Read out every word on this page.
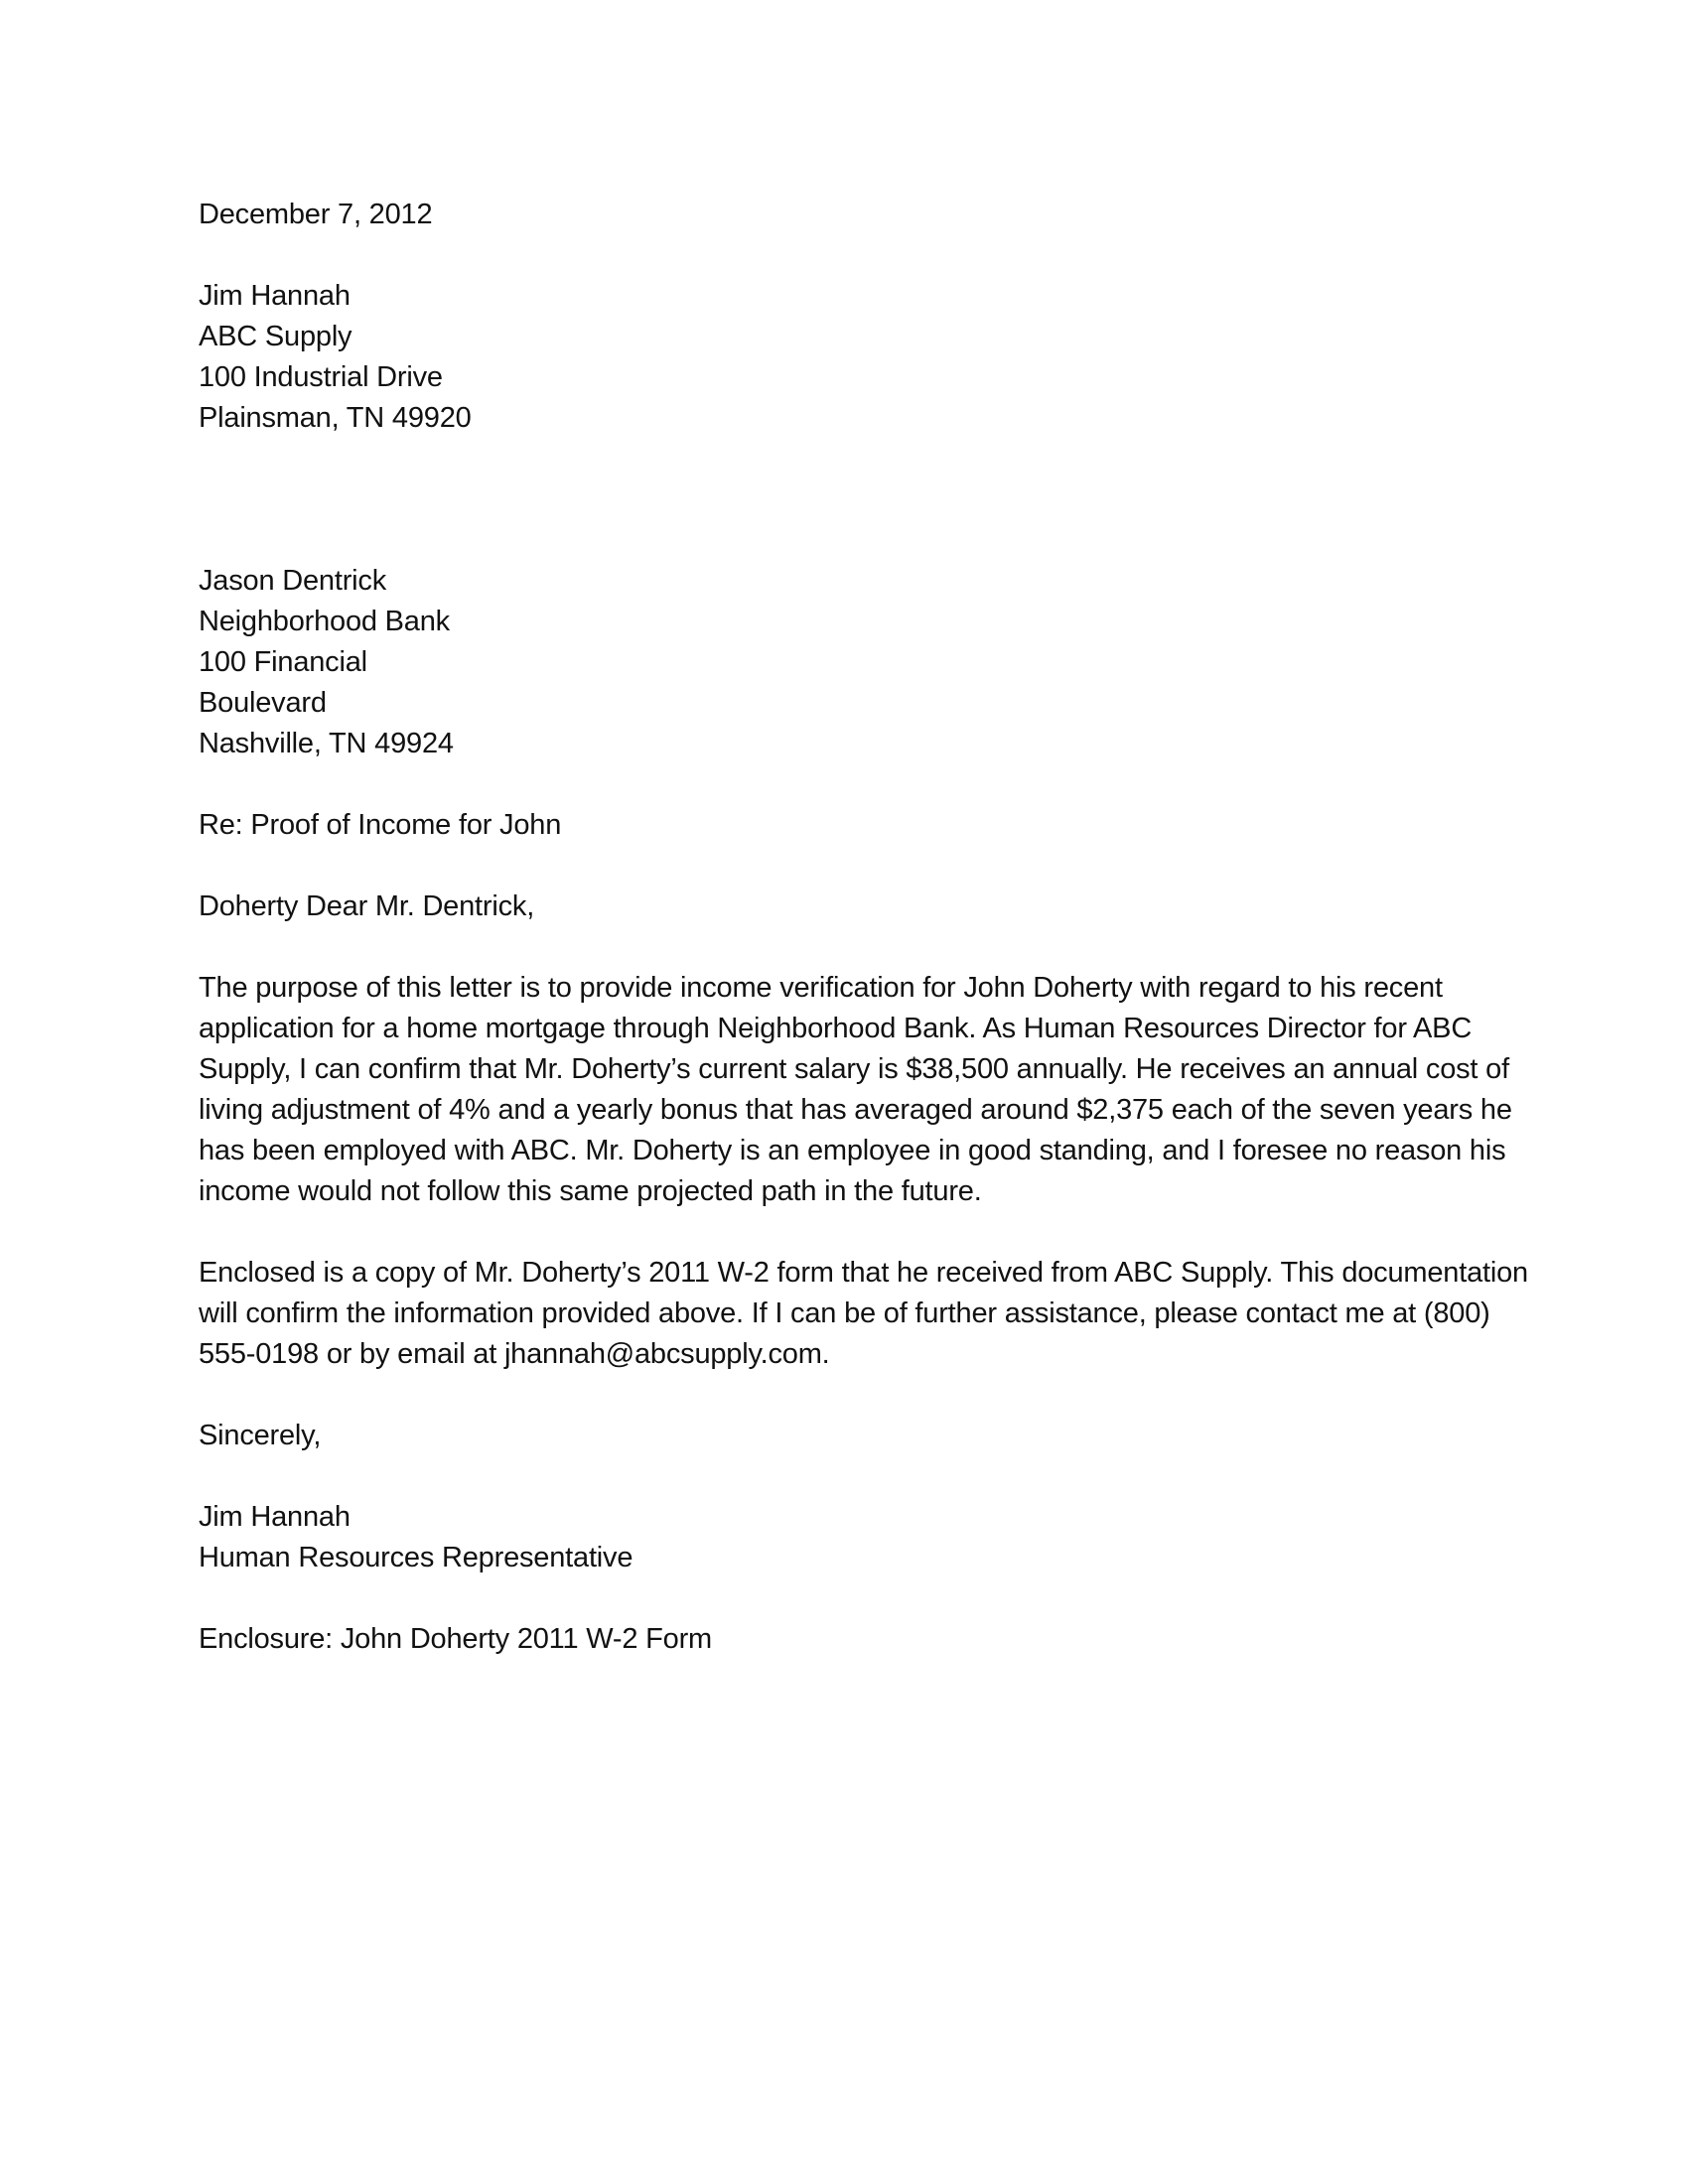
December 7, 2012
Jim Hannah
ABC Supply
100 Industrial Drive
Plainsman, TN 49920
Jason Dentrick
Neighborhood Bank
100 Financial
Boulevard
Nashville, TN 49924
Re: Proof of Income for John
Doherty Dear Mr. Dentrick,
The purpose of this letter is to provide income verification for John Doherty with regard to his recent
application for a home mortgage through Neighborhood Bank. As Human Resources Director for ABC
Supply, I can confirm that Mr. Doherty’s current salary is $38,500 annually. He receives an annual cost of
living adjustment of 4% and a yearly bonus that has averaged around $2,375 each of the seven years he
has been employed with ABC. Mr. Doherty is an employee in good standing, and I foresee no reason his
income would not follow this same projected path in the future.
Enclosed is a copy of Mr. Doherty’s 2011 W-2 form that he received from ABC Supply. This documentation
will confirm the information provided above. If I can be of further assistance, please contact me at (800)
555-0198 or by email at jhannah@abcsupply.com.
Sincerely,
Jim Hannah
Human Resources Representative
Enclosure: John Doherty 2011 W-2 Form
